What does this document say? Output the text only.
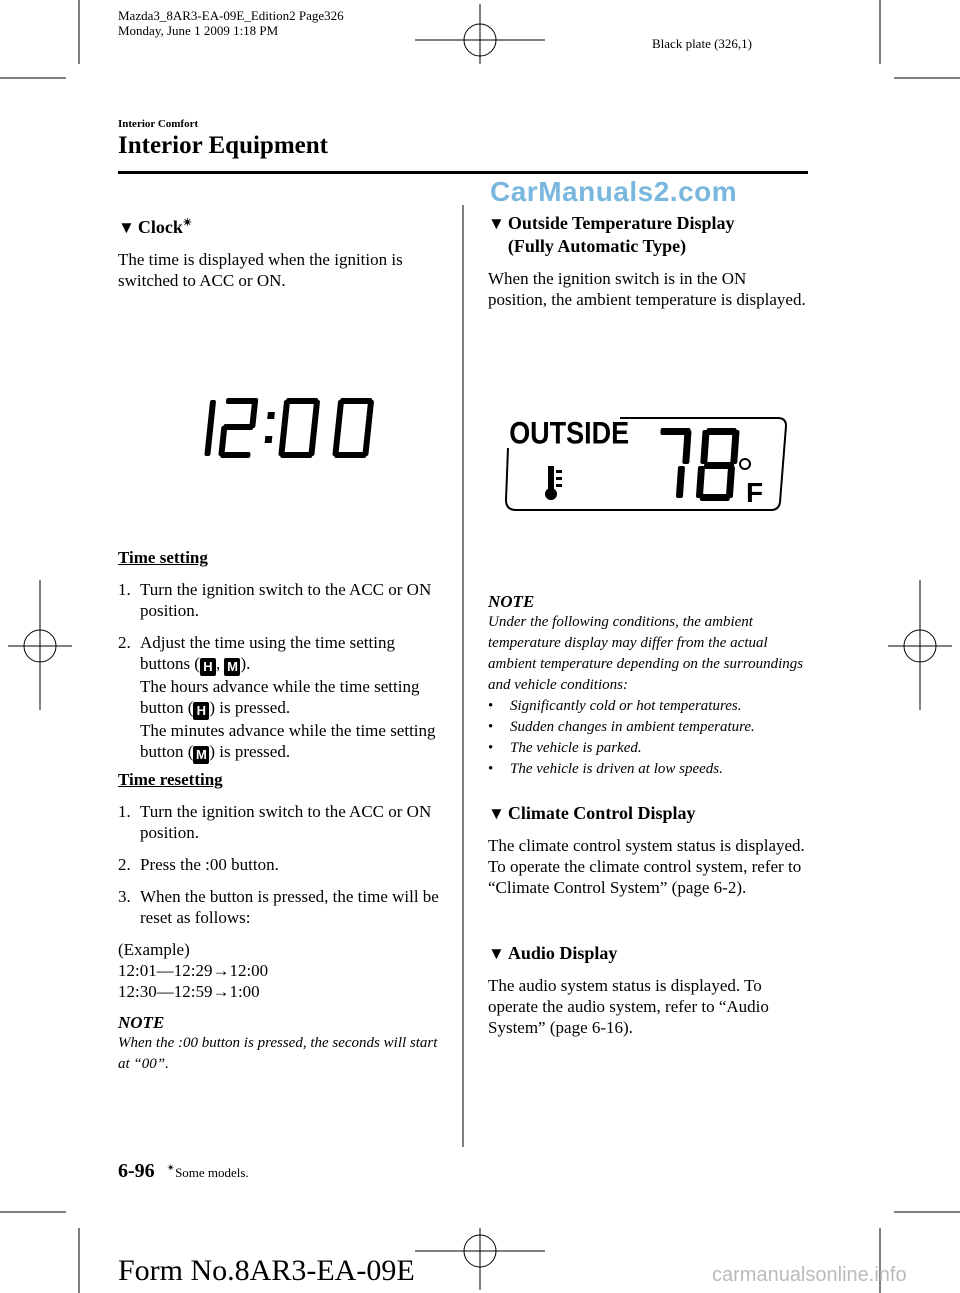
Mazda3_8AR3-EA-09E_Edition2 Page326
Monday, June 1 2009 1:18 PM
Black plate (326,1)
Interior Comfort
Interior Equipment
CarManuals2.com
▼ Clock✴
The time is displayed when the ignition is switched to ACC or ON.
Time setting
1. Turn the ignition switch to the ACC or ON position.
2. Adjust the time using the time setting buttons ( H , M ).
The hours advance while the time setting button ( H ) is pressed.
The minutes advance while the time setting button ( M ) is pressed.
Time resetting
1. Turn the ignition switch to the ACC or ON position.
2. Press the :00 button.
3. When the button is pressed, the time will be reset as follows:
(Example)
12:01—12:29→12:00
12:30—12:59→1:00
NOTE
When the :00 button is pressed, the seconds will start at “00”.
▼ Outside Temperature Display
(Fully Automatic Type)
When the ignition switch is in the ON position, the ambient temperature is displayed.
OUTSIDE
F
NOTE
Under the following conditions, the ambient temperature display may differ from the actual ambient temperature depending on the surroundings and vehicle conditions:
•	Significantly cold or hot temperatures.
•	Sudden changes in ambient temperature.
•	The vehicle is parked.
•	The vehicle is driven at low speeds.
▼ Climate Control Display
The climate control system status is displayed. To operate the climate control system, refer to “Climate Control System” (page 6-2).
▼ Audio Display
The audio system status is displayed. To operate the audio system, refer to “Audio System” (page 6-16).
6-96 ✴Some models.
Form No.8AR3-EA-09E	carmanualsonline.info
